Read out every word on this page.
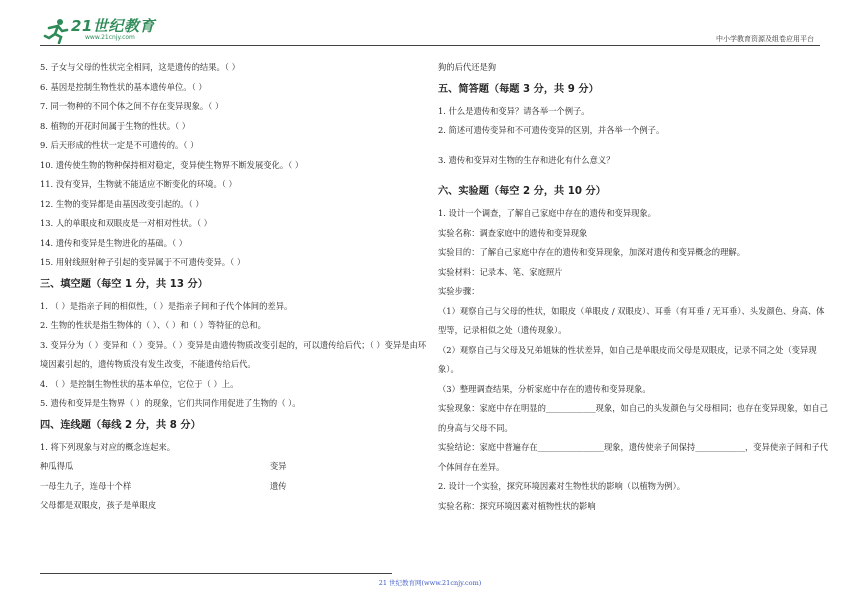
21世纪教育
www.21cnjy.com	中小学教育资源及组卷应用平台
5. 子女与父母的性状完全相同，这是遗传的结果。（ ）
6. 基因是控制生物性状的基本遗传单位。（ ）
7. 同一物种的不同个体之间不存在变异现象。（ ）
8. 植物的开花时间属于生物的性状。（ ）
9. 后天形成的性状一定是不可遗传的。（ ）
10. 遗传使生物的物种保持相对稳定，变异使生物界不断发展变化。（ ）
11. 没有变异，生物就不能适应不断变化的环境。（ ）
12. 生物的变异都是由基因改变引起的。（ ）
13. 人的单眼皮和双眼皮是一对相对性状。（ ）
14. 遗传和变异是生物进化的基础。（ ）
15. 用射线照射种子引起的变异属于不可遗传变异。（ ）
三、填空题（每空 1 分，共 13 分）
1. （ ）是指亲子间的相似性，（ ）是指亲子间和子代个体间的差异。
2. 生物的性状是指生物体的（ ）、（ ）和（ ）等特征的总和。
3. 变异分为（ ）变异和（ ）变异。（ ）变异是由遗传物质改变引起的，可以遗传给后代；（ ）变异是由环境因素引起的，遗传物质没有发生改变，不能遗传给后代。
4. （ ）是控制生物性状的基本单位，它位于（ ）上。
5. 遗传和变异是生物界（ ）的现象，它们共同作用促进了生物的（ ）。
四、连线题（每线 2 分，共 8 分）
1. 将下列现象与对应的概念连起来。
种瓜得瓜	变异
一母生九子，连母十个样	遗传
父母都是双眼皮，孩子是单眼皮
狗的后代还是狗
五、简答题（每题 3 分，共 9 分）
1. 什么是遗传和变异？请各举一个例子。
2. 简述可遗传变异和不可遗传变异的区别，并各举一个例子。
3. 遗传和变异对生物的生存和进化有什么意义？
六、实验题（每空 2 分，共 10 分）
1. 设计一个调查，了解自己家庭中存在的遗传和变异现象。
实验名称：调查家庭中的遗传和变异现象
实验目的：了解自己家庭中存在的遗传和变异现象，加深对遗传和变异概念的理解。
实验材料：记录本、笔、家庭照片
实验步骤：
（1）观察自己与父母的性状，如眼皮（单眼皮 / 双眼皮）、耳垂（有耳垂 / 无耳垂）、头发颜色、身高、体型等，记录相似之处（遗传现象）。
（2）观察自己与父母及兄弟姐妹的性状差异，如自己是单眼皮而父母是双眼皮，记录不同之处（变异现象）。
（3）整理调查结果，分析家庭中存在的遗传和变异现象。
实验现象：家庭中存在明显的____________现象，如自己的头发颜色与父母相同；也存在变异现象，如自己的身高与父母不同。
实验结论：家庭中普遍存在________________现象，遗传使亲子间保持____________，变异使亲子间和子代个体间存在差异。
2. 设计一个实验，探究环境因素对生物性状的影响（以植物为例）。
实验名称：探究环境因素对植物性状的影响
21 世纪教育网(www.21cnjy.com)
